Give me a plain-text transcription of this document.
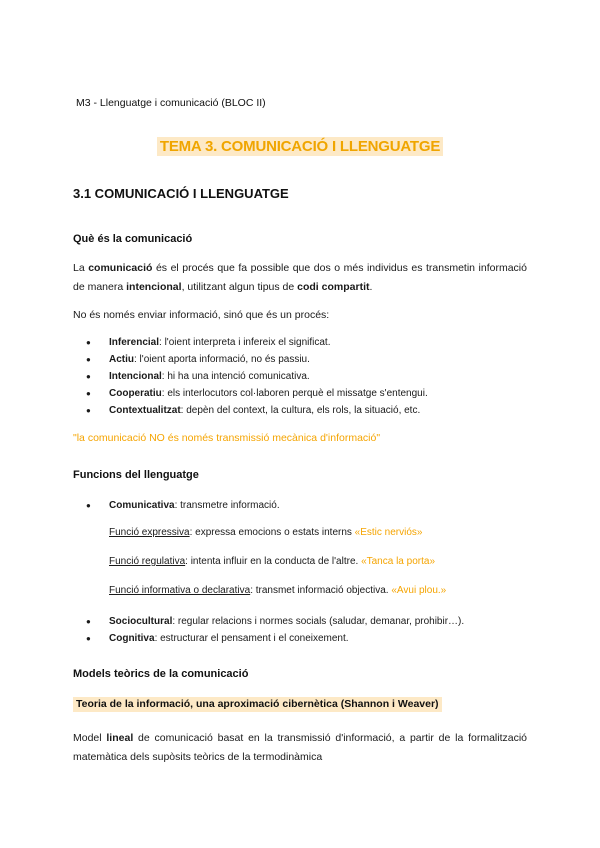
M3 - Llenguatge i comunicació (BLOC II)
TEMA 3. COMUNICACIÓ I LLENGUATGE
3.1 COMUNICACIÓ I LLENGUATGE
Què és la comunicació
La comunicació és el procés que fa possible que dos o més individus es transmetin informació de manera intencional, utilitzant algun tipus de codi compartit.
No és només enviar informació, sinó que és un procés:
● Inferencial: l'oient interpreta i infereix el significat.
● Actiu: l'oient aporta informació, no és passiu.
● Intencional: hi ha una intenció comunicativa.
● Cooperatiu: els interlocutors col·laboren perquè el missatge s'entengui.
● Contextualitzat: depèn del context, la cultura, els rols, la situació, etc.
"la comunicació NO és només transmissió mecànica d'informació"
Funcions del llenguatge
● Comunicativa: transmetre informació.
Funció expressiva: expressa emocions o estats interns «Estic nerviós»
Funció regulativa: intenta influir en la conducta de l'altre. «Tanca la porta»
Funció informativa o declarativa: transmet informació objectiva. «Avui plou.»
● Sociocultural: regular relacions i normes socials (saludar, demanar, prohibir…).
● Cognitiva: estructurar el pensament i el coneixement.
Models teòrics de la comunicació
Teoria de la informació, una aproximació cibernètica (Shannon i Weaver)
Model lineal de comunicació basat en la transmissió d'informació, a partir de la formalització matemàtica dels supòsits teòrics de la termodinàmica
